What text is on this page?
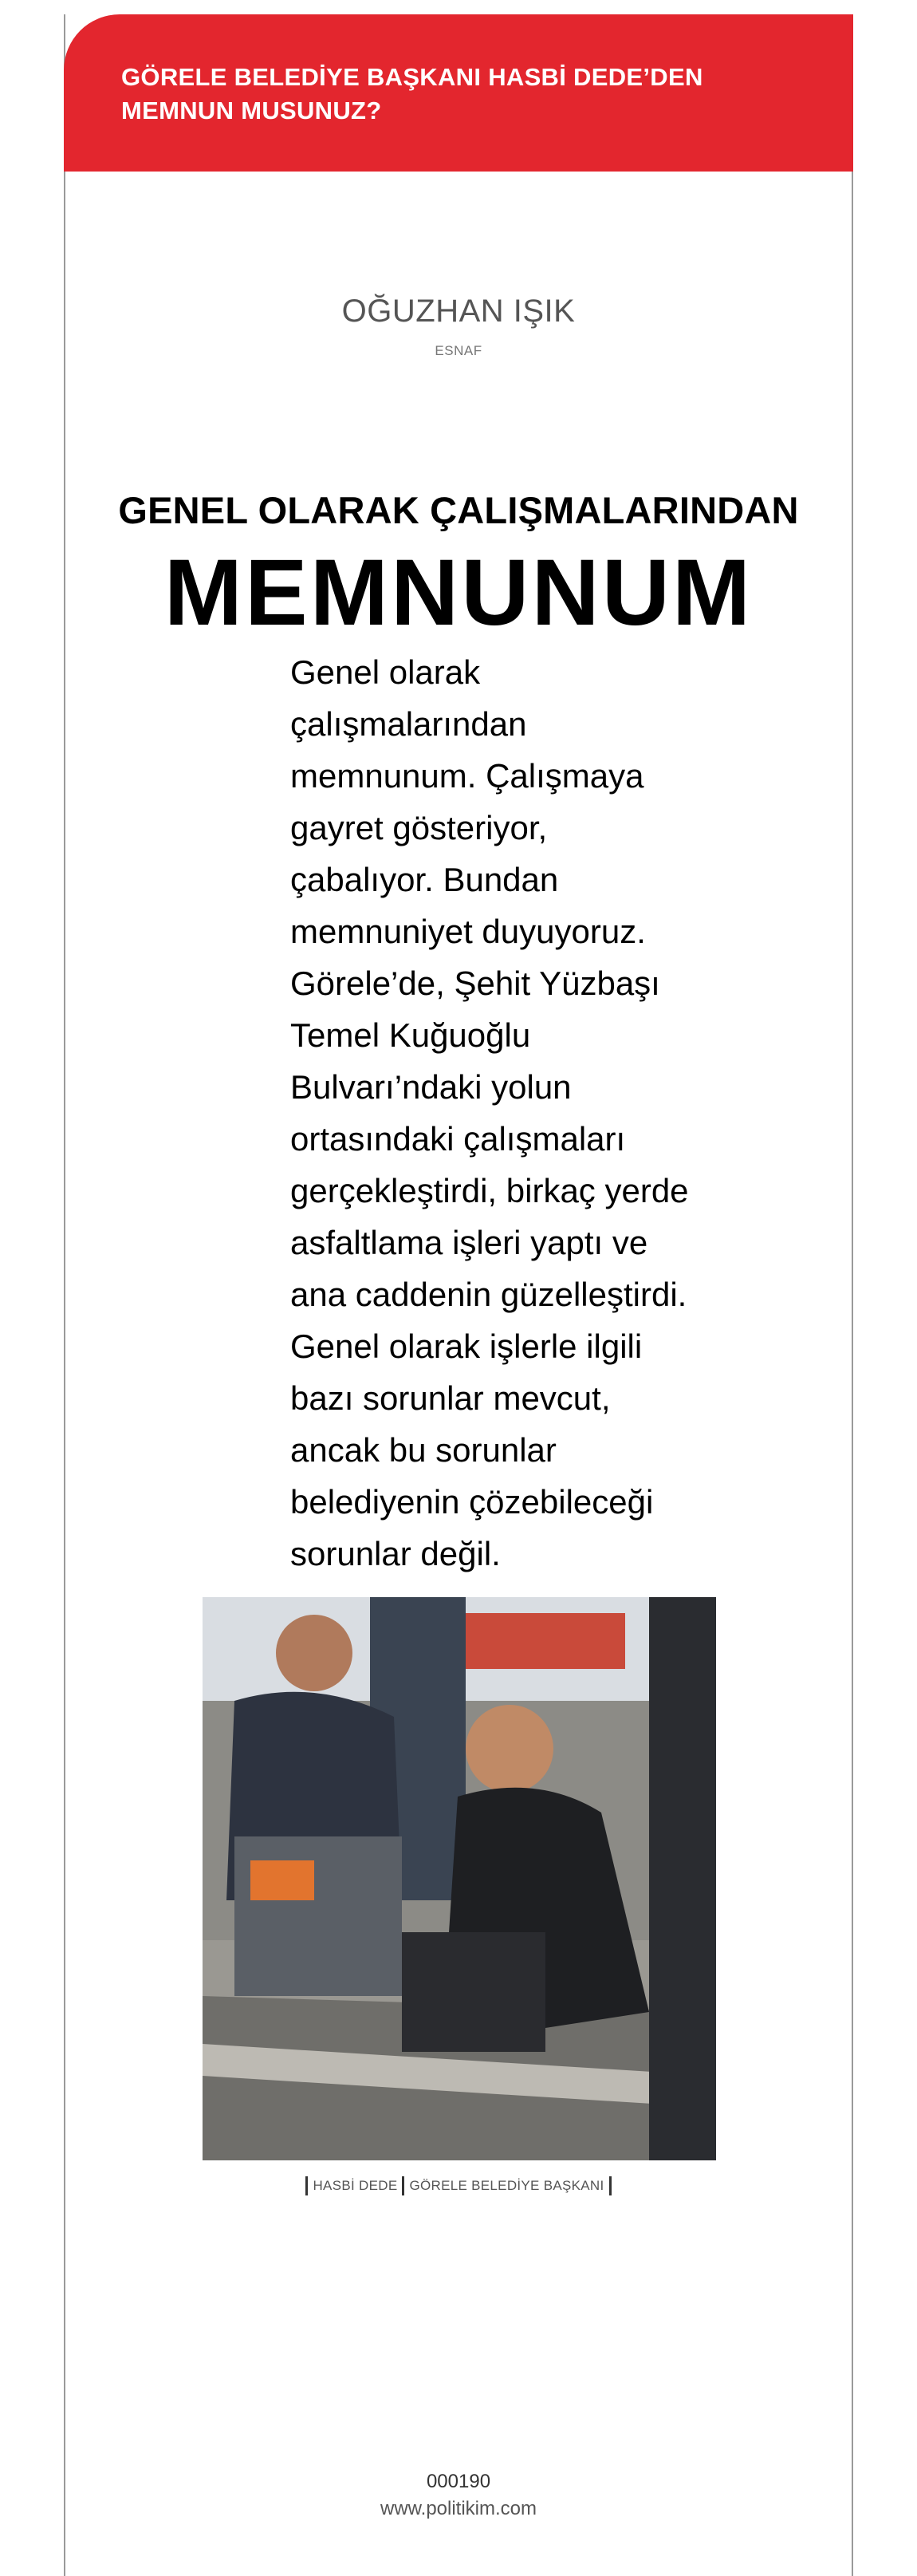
GÖRELE BELEDİYE BAŞKANI HASBİ DEDE’DEN

MEMNUN MUSUNUZ?

OĞUZHAN IŞIK
ESNAF
GENEL OLARAK ÇALIŞMALARINDAN
MEMNUNUM
Genel olarak
çalışmalarından
memnunum. Çalışmaya
gayret gösteriyor,
çabalıyor. Bundan
memnuniyet duyuyoruz.
Görele’de, Şehit Yüzbaşı
Temel Kuğuoğlu
Bulvarı’ndaki yolun
ortasındaki çalışmaları
gerçekleştirdi, birkaç yerde
asfaltlama işleri yaptı ve
ana caddenin güzelleştirdi.
Genel olarak işlerle ilgili
bazı sorunlar mevcut,
ancak bu sorunlar
belediyenin çözebileceği
sorunlar değil.
HASBİ DEDE GÖRELE BELEDİYE BAŞKANI
000190
www.politikim.com
